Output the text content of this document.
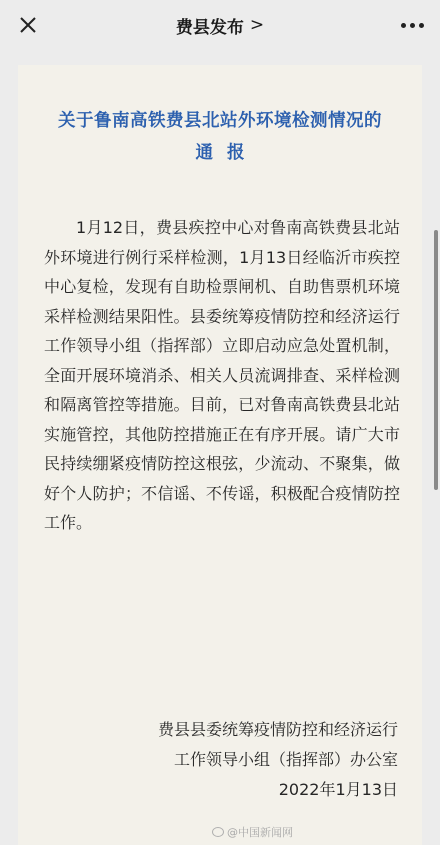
费县发布 >
关于鲁南高铁费县北站外环境检测情况的
通报

1月12日，费县疾控中心对鲁南高铁费县北站外环境进行例行采样检测，1月13日经临沂市疾控中心复检，发现有自助检票闸机、自助售票机环境采样检测结果阳性。县委统筹疫情防控和经济运行工作领导小组（指挥部）立即启动应急处置机制，全面开展环境消杀、相关人员流调排查、采样检测和隔离管控等措施。目前，已对鲁南高铁费县北站实施管控，其他防控措施正在有序开展。请广大市民持续绷紧疫情防控这根弦，少流动、不聚集，做好个人防护；不信谣、不传谣，积极配合疫情防控工作。

费县县委统筹疫情防控和经济运行
工作领导小组（指挥部）办公室
2022年1月13日
@中国新闻网
